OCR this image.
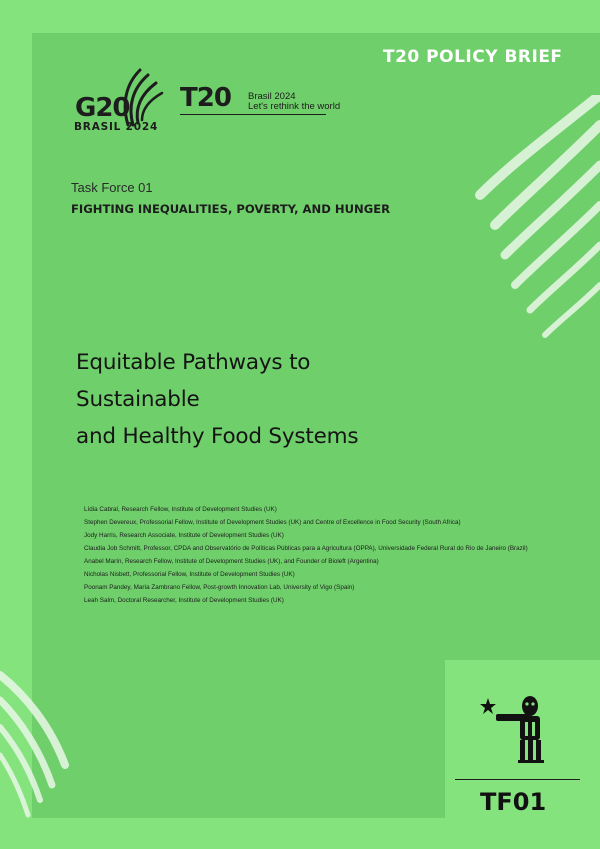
T20 POLICY BRIEF
G20
BRASIL 2024
T20 Brasil 2024
Let's rethink the world
Task Force 01
FIGHTING INEQUALITIES, POVERTY, AND HUNGER
Equitable Pathways to Sustainable
and Healthy Food Systems
Lídia Cabral, Research Fellow, Institute of Development Studies (UK)
Stephen Devereux, Professorial Fellow, Institute of Development Studies (UK) and Centre of Excellence in Food Security (South Africa)
Jody Harris, Research Associate, Institute of Development Studies (UK)
Claudia Job Schmitt, Professor, CPDA and Observatório de Políticas Públicas para a Agricultura (OPPA), Universidade Federal Rural do Rio de Janeiro (Brazil)
Anabel Marín, Research Fellow, Institute of Development Studies (UK), and Founder of Bioleft (Argentina)
Nicholas Nisbett, Professorial Fellow, Institute of Development Studies (UK)
Poonam Pandey, María Zambrano Fellow, Post-growth Innovation Lab, University of Vigo (Spain)
Leah Salm, Doctoral Researcher, Institute of Development Studies (UK)
TF01
